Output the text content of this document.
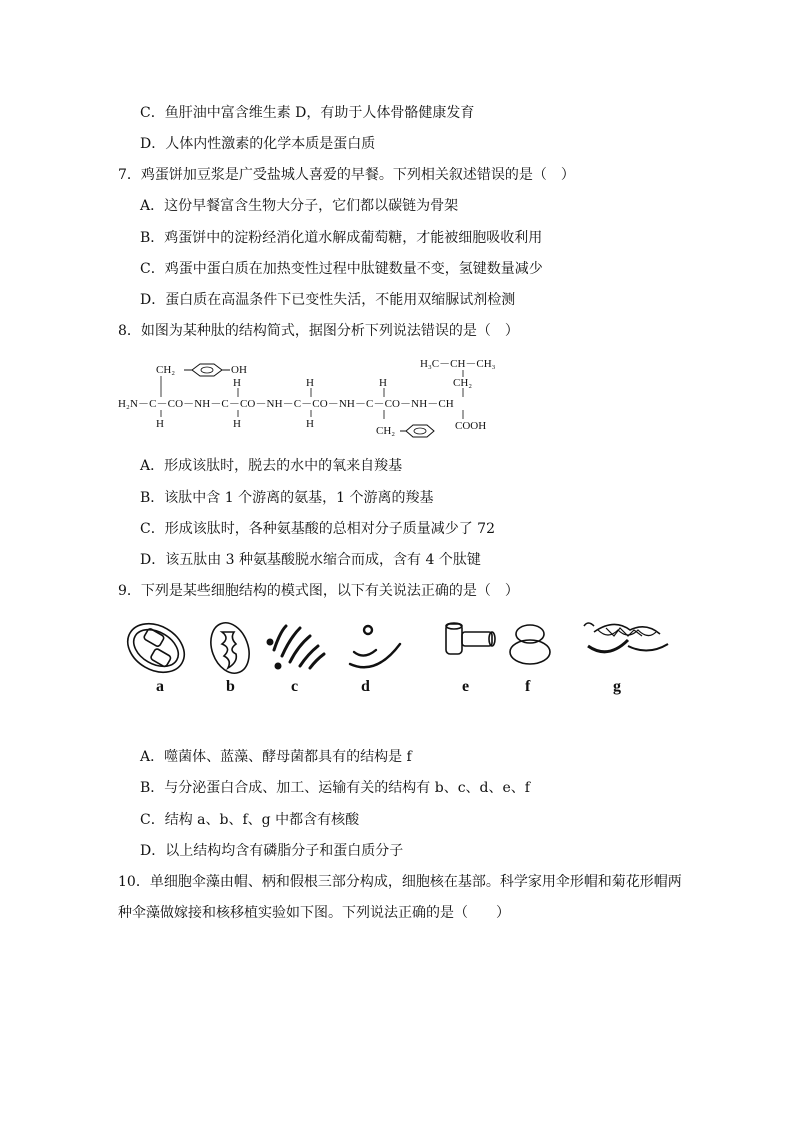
C．鱼肝油中富含维生素 D，有助于人体骨骼健康发育
D．人体内性激素的化学本质是蛋白质
7．鸡蛋饼加豆浆是广受盐城人喜爱的早餐。下列相关叙述错误的是（　）
A．这份早餐富含生物大分子，它们都以碳链为骨架
B．鸡蛋饼中的淀粉经消化道水解成葡萄糖，才能被细胞吸收利用
C．鸡蛋中蛋白质在加热变性过程中肽键数量不变，氢键数量减少
D．蛋白质在高温条件下已变性失活，不能用双缩脲试剂检测
8．如图为某种肽的结构简式，据图分析下列说法错误的是（　）
H₃C－CH－CH₃
CH₂
CH₂	OH
H	H	H
H₂N－C－CO－NH－C－CO－NH－C－CO－NH－C－CO－NH－CH
H	H	H
CH₂	COOH
A．形成该肽时，脱去的水中的氧来自羧基
B．该肽中含 1 个游离的氨基，1 个游离的羧基
C．形成该肽时，各种氨基酸的总相对分子质量减少了 72
D．该五肽由 3 种氨基酸脱水缩合而成，含有 4 个肽键
9．下列是某些细胞结构的模式图，以下有关说法正确的是（　）
a	b	c	d	e	f	g
A．噬菌体、蓝藻、酵母菌都具有的结构是 f
B．与分泌蛋白合成、加工、运输有关的结构有 b、c、d、e、f
C．结构 a、b、f、g 中都含有核酸
D．以上结构均含有磷脂分子和蛋白质分子
10．单细胞伞藻由帽、柄和假根三部分构成，细胞核在基部。科学家用伞形帽和菊花形帽两
种伞藻做嫁接和核移植实验如下图。下列说法正确的是（　　）
